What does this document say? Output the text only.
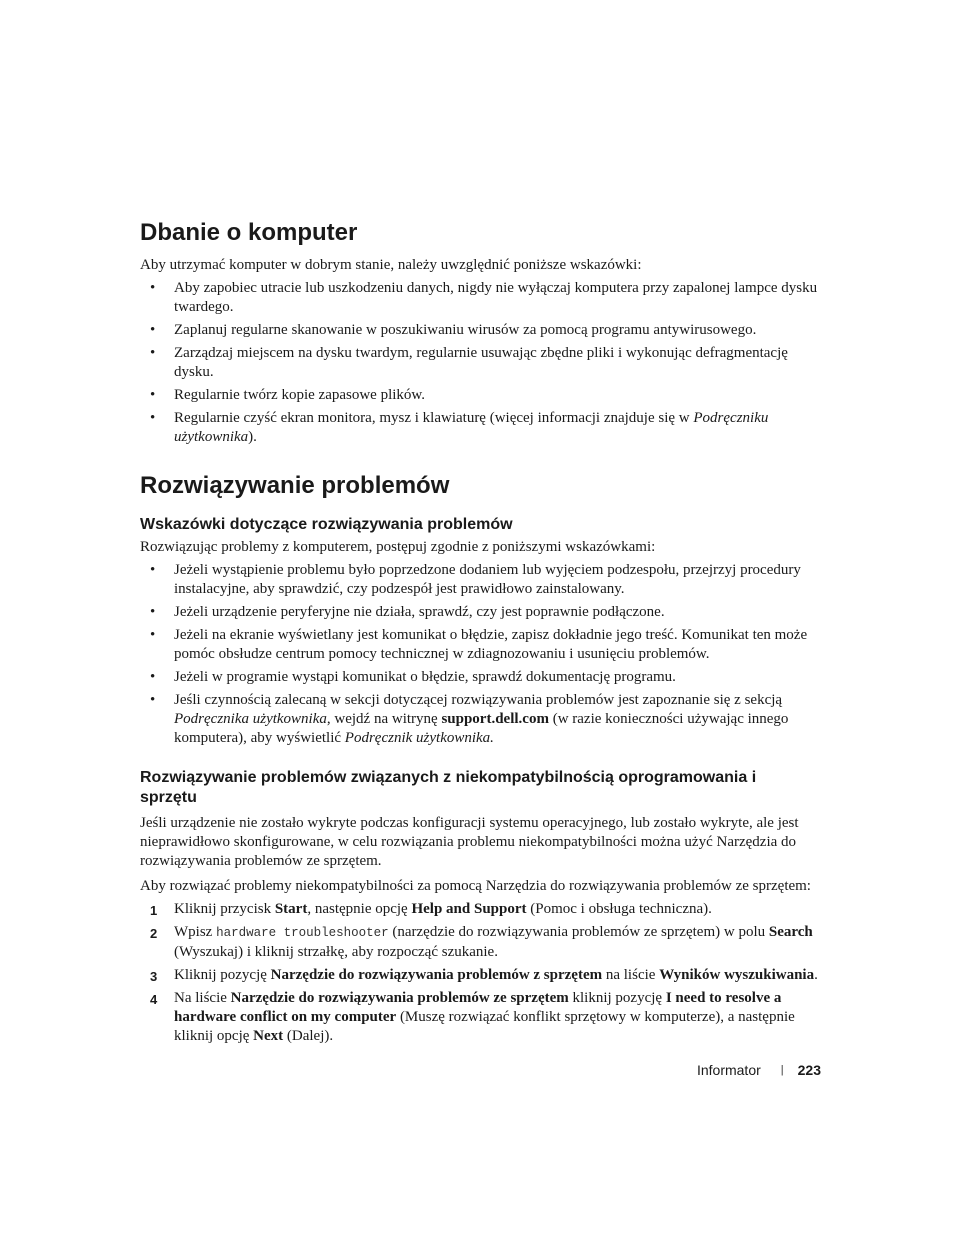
Dbanie o komputer

Aby utrzymać komputer w dobrym stanie, należy uwzględnić poniższe wskazówki:

• Aby zapobiec utracie lub uszkodzeniu danych, nigdy nie wyłączaj komputera przy zapalonej lampce dysku twardego.
• Zaplanuj regularne skanowanie w poszukiwaniu wirusów za pomocą programu antywirusowego.
• Zarządzaj miejscem na dysku twardym, regularnie usuwając zbędne pliki i wykonując defragmentację dysku.
• Regularnie twórz kopie zapasowe plików.
• Regularnie czyść ekran monitora, mysz i klawiaturę (więcej informacji znajduje się w Podręczniku użytkownika).
Rozwiązywanie problemów
Wskazówki dotyczące rozwiązywania problemów

Rozwiązując problemy z komputerem, postępuj zgodnie z poniższymi wskazówkami:

• Jeżeli wystąpienie problemu było poprzedzone dodaniem lub wyjęciem podzespołu, przejrzyj procedury instalacyjne, aby sprawdzić, czy podzespół jest prawidłowo zainstalowany.
• Jeżeli urządzenie peryferyjne nie działa, sprawdź, czy jest poprawnie podłączone.
• Jeżeli na ekranie wyświetlany jest komunikat o błędzie, zapisz dokładnie jego treść. Komunikat ten może pomóc obsłudze centrum pomocy technicznej w zdiagnozowaniu i usunięciu problemów.
• Jeżeli w programie wystąpi komunikat o błędzie, sprawdź dokumentację programu.
• Jeśli czynnością zalecaną w sekcji dotyczącej rozwiązywania problemów jest zapoznanie się z sekcją Podręcznika użytkownika, wejdź na witrynę support.dell.com (w razie konieczności używając innego komputera), aby wyświetlić Podręcznik użytkownika.
Rozwiązywanie problemów związanych z niekompatybilnością oprogramowania i sprzętu

Jeśli urządzenie nie zostało wykryte podczas konfiguracji systemu operacyjnego, lub zostało wykryte, ale jest nieprawidłowo skonfigurowane, w celu rozwiązania problemu niekompatybilności można użyć Narzędzia do rozwiązywania problemów ze sprzętem.

Aby rozwiązać problemy niekompatybilności za pomocą Narzędzia do rozwiązywania problemów ze sprzętem:

1 Kliknij przycisk Start, następnie opcję Help and Support (Pomoc i obsługa techniczna).
2 Wpisz hardware troubleshooter (narzędzie do rozwiązywania problemów ze sprzętem) w polu Search (Wyszukaj) i kliknij strzałkę, aby rozpocząć szukanie.
3 Kliknij pozycję Narzędzie do rozwiązywania problemów z sprzętem na liście Wyników wyszukiwania.
4 Na liście Narzędzie do rozwiązywania problemów ze sprzętem kliknij pozycję I need to resolve a hardware conflict on my computer (Muszę rozwiązać konflikt sprzętowy w komputerze), a następnie kliknij opcję Next (Dalej).
Informator | 223
